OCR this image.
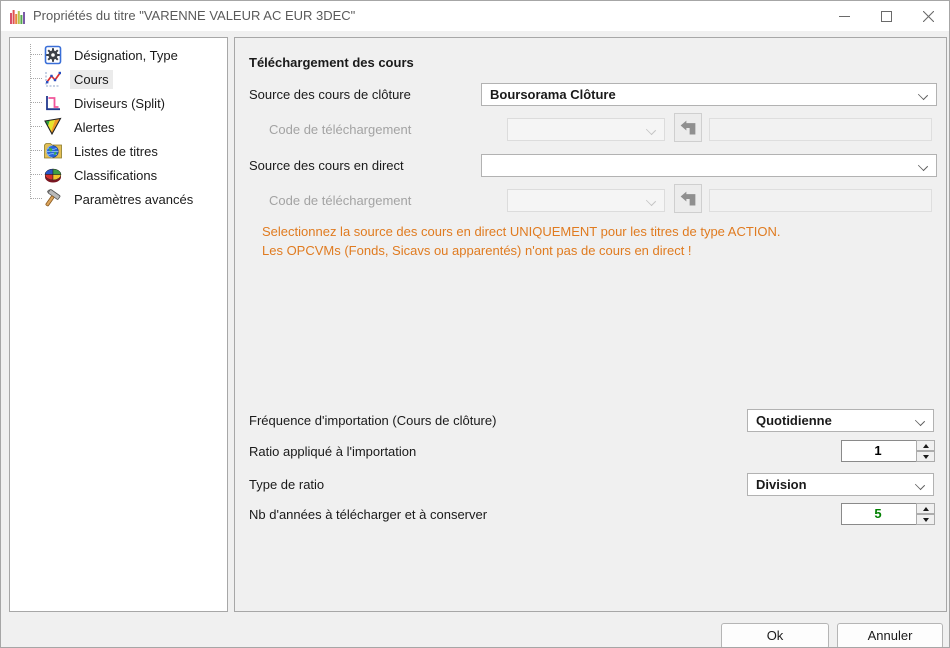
Propriétés du titre "VARENNE VALEUR AC EUR 3DEC"
Désignation, Type
Cours
Diviseurs (Split)
Alertes
Listes de titres
Classifications
Paramètres avancés
Téléchargement des cours
Source des cours de clôture	Boursorama Clôture
Code de téléchargement
Source des cours en direct
Code de téléchargement
Selectionnez la source des cours en direct UNIQUEMENT pour les titres de type ACTION.
Les OPCVMs (Fonds, Sicavs ou apparentés) n'ont pas de cours en direct !
Fréquence d'importation (Cours de clôture)	Quotidienne
Ratio appliqué à l'importation	1
Type de ratio	Division
Nb d'années à télécharger et à conserver	5
Ok	Annuler
